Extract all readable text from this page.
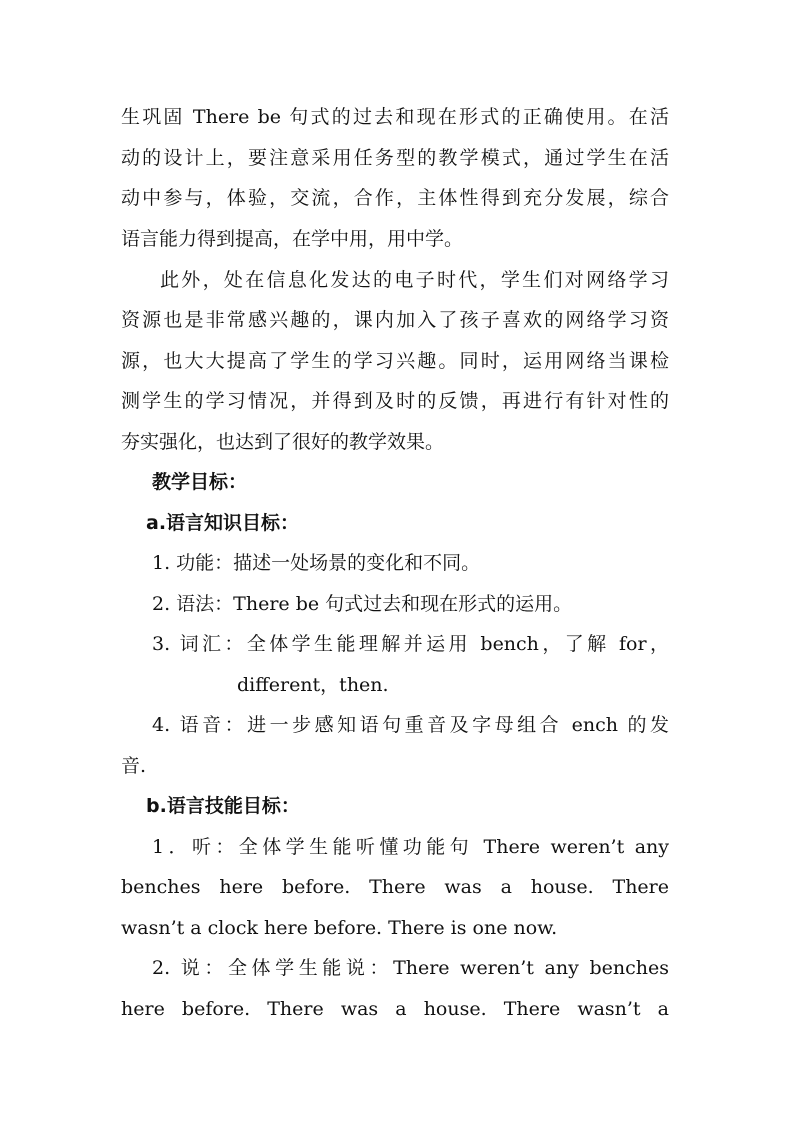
生巩固 There be 句式的过去和现在形式的正确使用。在活
动的设计上，要注意采用任务型的教学模式，通过学生在活
动中参与，体验，交流，合作，主体性得到充分发展，综合
语言能力得到提高，在学中用，用中学。
此外，处在信息化发达的电子时代，学生们对网络学习
资源也是非常感兴趣的，课内加入了孩子喜欢的网络学习资
源，也大大提高了学生的学习兴趣。同时，运用网络当课检
测学生的学习情况，并得到及时的反馈，再进行有针对性的
夯实强化，也达到了很好的教学效果。
教学目标：
a.语言知识目标：
1. 功能：描述一处场景的变化和不同。
2. 语法：There be 句式过去和现在形式的运用。
3. 词汇：全体学生能理解并运用 bench，了解 for，
different，then.
4. 语音：进一步感知语句重音及字母组合 ench 的发
音.
b.语言技能目标：
1．听：全体学生能听懂功能句 There weren’t any
benches here before. There was a house. There
wasn’t a clock here before. There is one now.
2. 说：全体学生能说：There weren’t any benches
here before. There was a house. There wasn’t a
